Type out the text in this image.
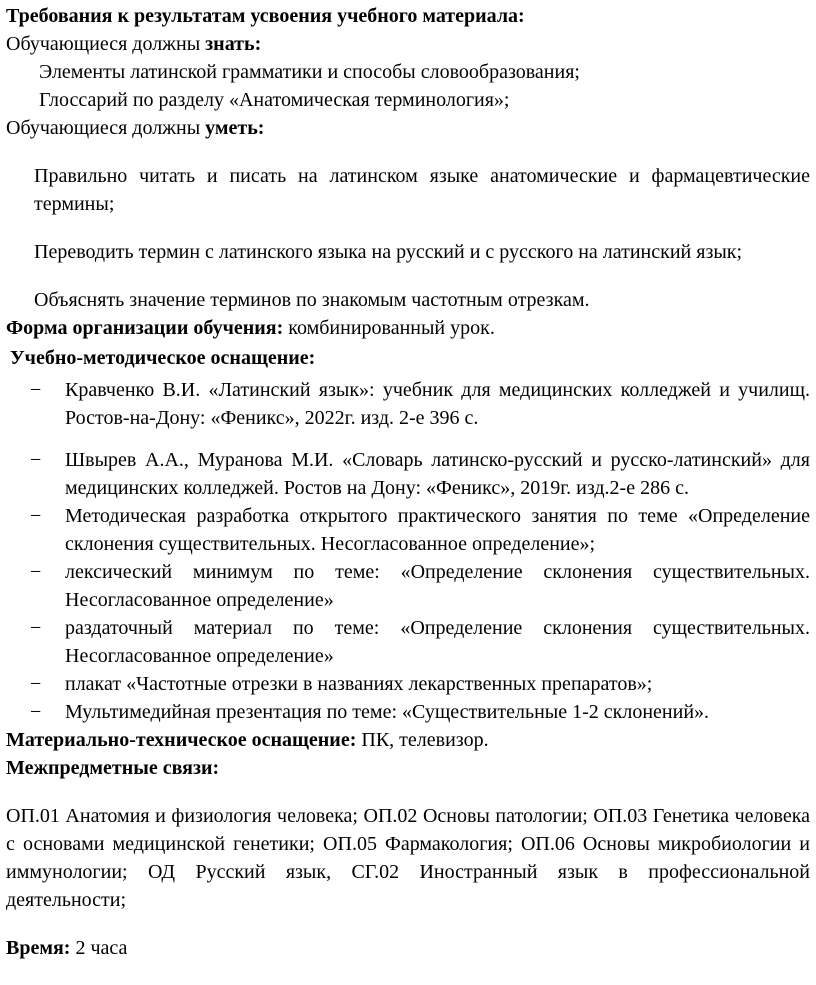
Требования к результатам усвоения учебного материала:

Обучающиеся должны знать:

Элементы латинской грамматики и способы словообразования;

Глоссарий по разделу «Анатомическая терминология»;

Обучающиеся должны уметь:

Правильно читать и писать на латинском языке анатомические и фармацевтические термины;

Переводить термин с латинского языка на русский и с русского на латинский язык;

Объяснять значение терминов по знакомым частотным отрезкам.

Форма организации обучения: комбинированный урок.

Учебно-методическое оснащение:

− Кравченко В.И. «Латинский язык»: учебник для медицинских колледжей и училищ. Ростов-на-Дону: «Феникс», 2022г. изд. 2-е 396 с.
− Швырев А.А., Муранова М.И. «Словарь латинско-русский и русско-латинский» для медицинских колледжей. Ростов на Дону: «Феникс», 2019г. изд.2-е 286 с.
− Методическая разработка открытого практического занятия по теме «Определение склонения существительных. Несогласованное определение»;
− лексический минимум по теме: «Определение склонения существительных. Несогласованное определение»
− раздаточный материал по теме: «Определение склонения существительных. Несогласованное определение»
− плакат «Частотные отрезки в названиях лекарственных препаратов»;
− Мультимедийная презентация по теме: «Существительные 1-2 склонений».

Материально-техническое оснащение: ПК, телевизор.

Межпредметные связи:

ОП.01 Анатомия и физиология человека; ОП.02 Основы патологии; ОП.03 Генетика человека с основами медицинской генетики; ОП.05 Фармакология; ОП.06 Основы микробиологии и иммунологии; ОД Русский язык, СГ.02 Иностранный язык в профессиональной деятельности;

Время: 2 часа
